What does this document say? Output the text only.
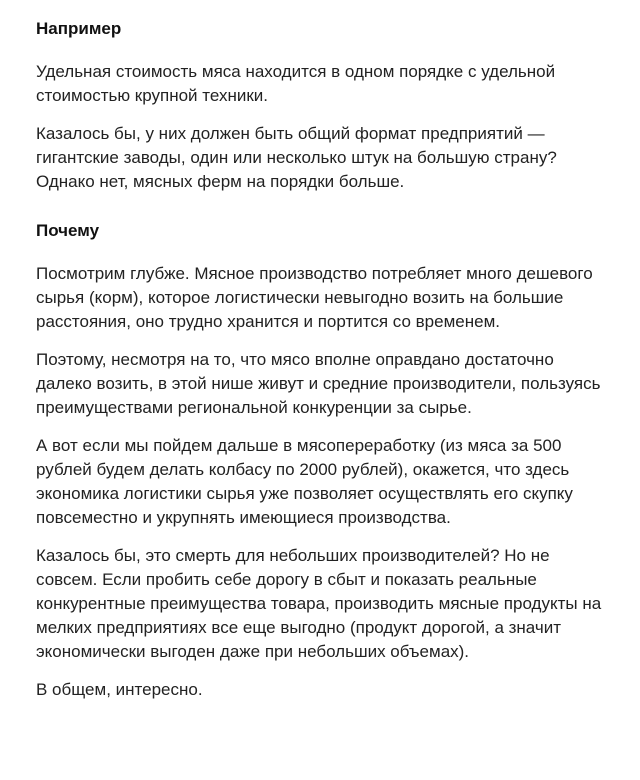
Например

Удельная стоимость мяса находится в одном порядке с удельной стоимостью крупной техники.

Казалось бы, у них должен быть общий формат предприятий — гигантские заводы, один или несколько штук на большую страну? Однако нет, мясных ферм на порядки больше.

Почему

Посмотрим глубже. Мясное производство потребляет много дешевого сырья (корм), которое логистически невыгодно возить на большие расстояния, оно трудно хранится и портится со временем.

Поэтому, несмотря на то, что мясо вполне оправдано достаточно далеко возить, в этой нише живут и средние производители, пользуясь преимуществами региональной конкуренции за сырье.

А вот если мы пойдем дальше в мясопереработку (из мяса за 500 рублей будем делать колбасу по 2000 рублей), окажется, что здесь экономика логистики сырья уже позволяет осуществлять его скупку повсеместно и укрупнять имеющиеся производства.

Казалось бы, это смерть для небольших производителей? Но не совсем. Если пробить себе дорогу в сбыт и показать реальные конкурентные преимущества товара, производить мясные продукты на мелких предприятиях все еще выгодно (продукт дорогой, а значит экономически выгоден даже при небольших объемах).

В общем, интересно.
